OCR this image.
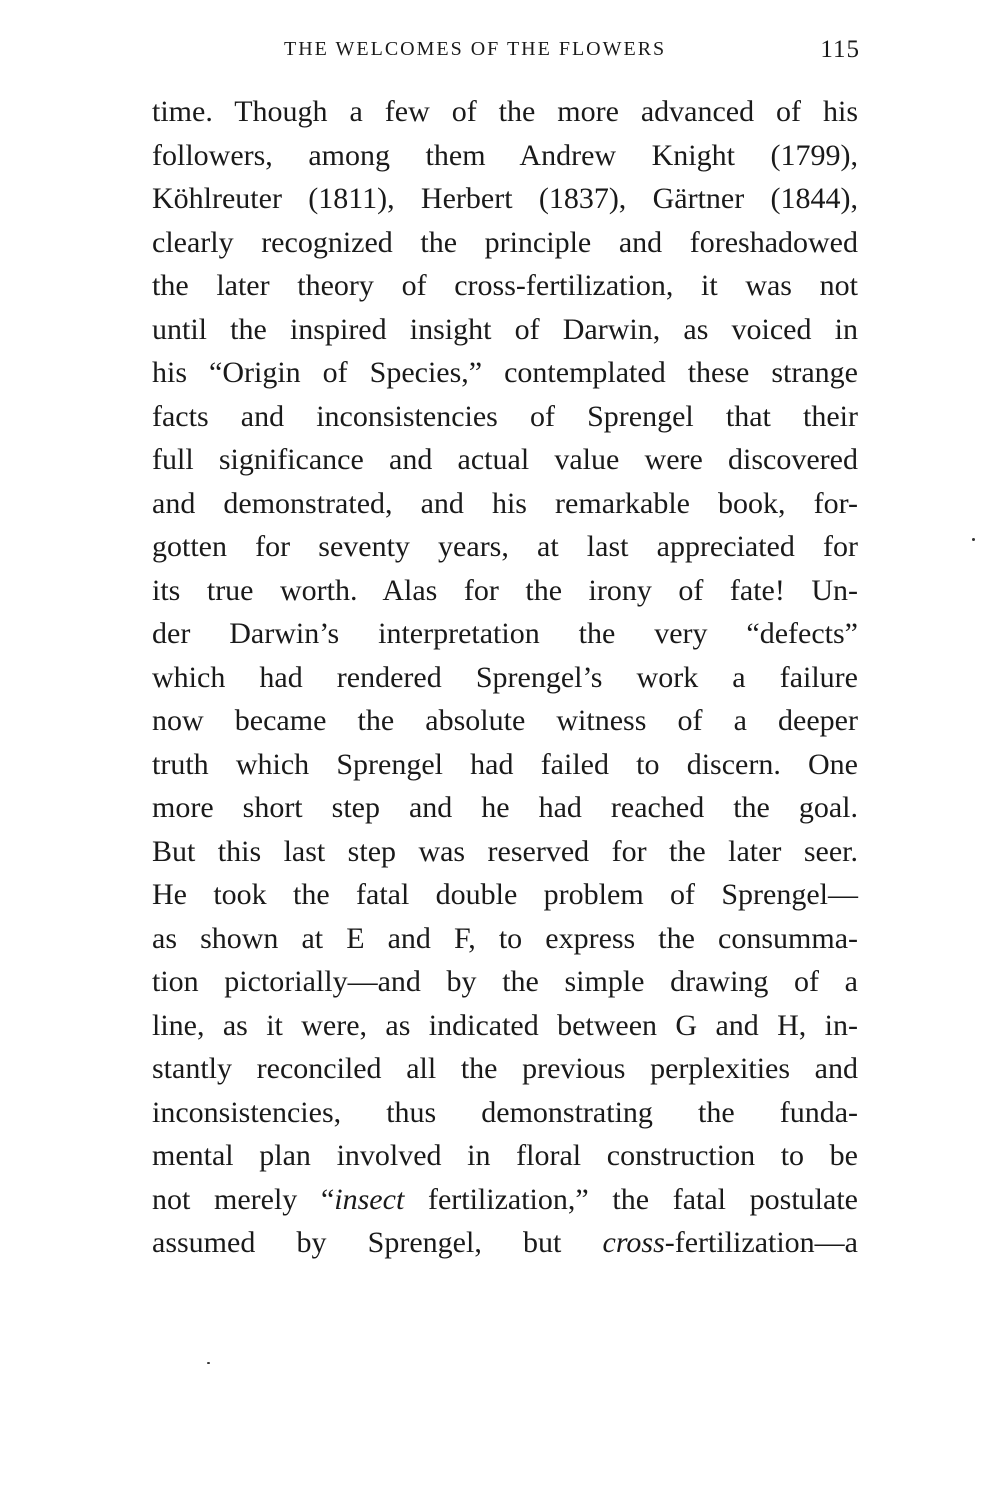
THE WELCOMES OF THE FLOWERS	115
time. Though a few of the more advanced of his
followers, among them Andrew Knight (1799),
Köhlreuter (1811), Herbert (1837), Gärtner (1844),
clearly recognized the principle and foreshadowed
the later theory of cross-fertilization, it was not
until the inspired insight of Darwin, as voiced in
his “Origin of Species,” contemplated these strange
facts and inconsistencies of Sprengel that their
full significance and actual value were discovered
and demonstrated, and his remarkable book, for-
gotten for seventy years, at last appreciated for
its true worth. Alas for the irony of fate! Un-
der Darwin’s interpretation the very “defects”
which had rendered Sprengel’s work a failure
now became the absolute witness of a deeper
truth which Sprengel had failed to discern. One
more short step and he had reached the goal.
But this last step was reserved for the later seer.
He took the fatal double problem of Sprengel—
as shown at E and F, to express the consumma-
tion pictorially—and by the simple drawing of a
line, as it were, as indicated between G and H, in-
stantly reconciled all the previous perplexities and
inconsistencies, thus demonstrating the funda-
mental plan involved in floral construction to be
not merely “insect fertilization,” the fatal postulate
assumed by Sprengel, but cross-fertilization—a
